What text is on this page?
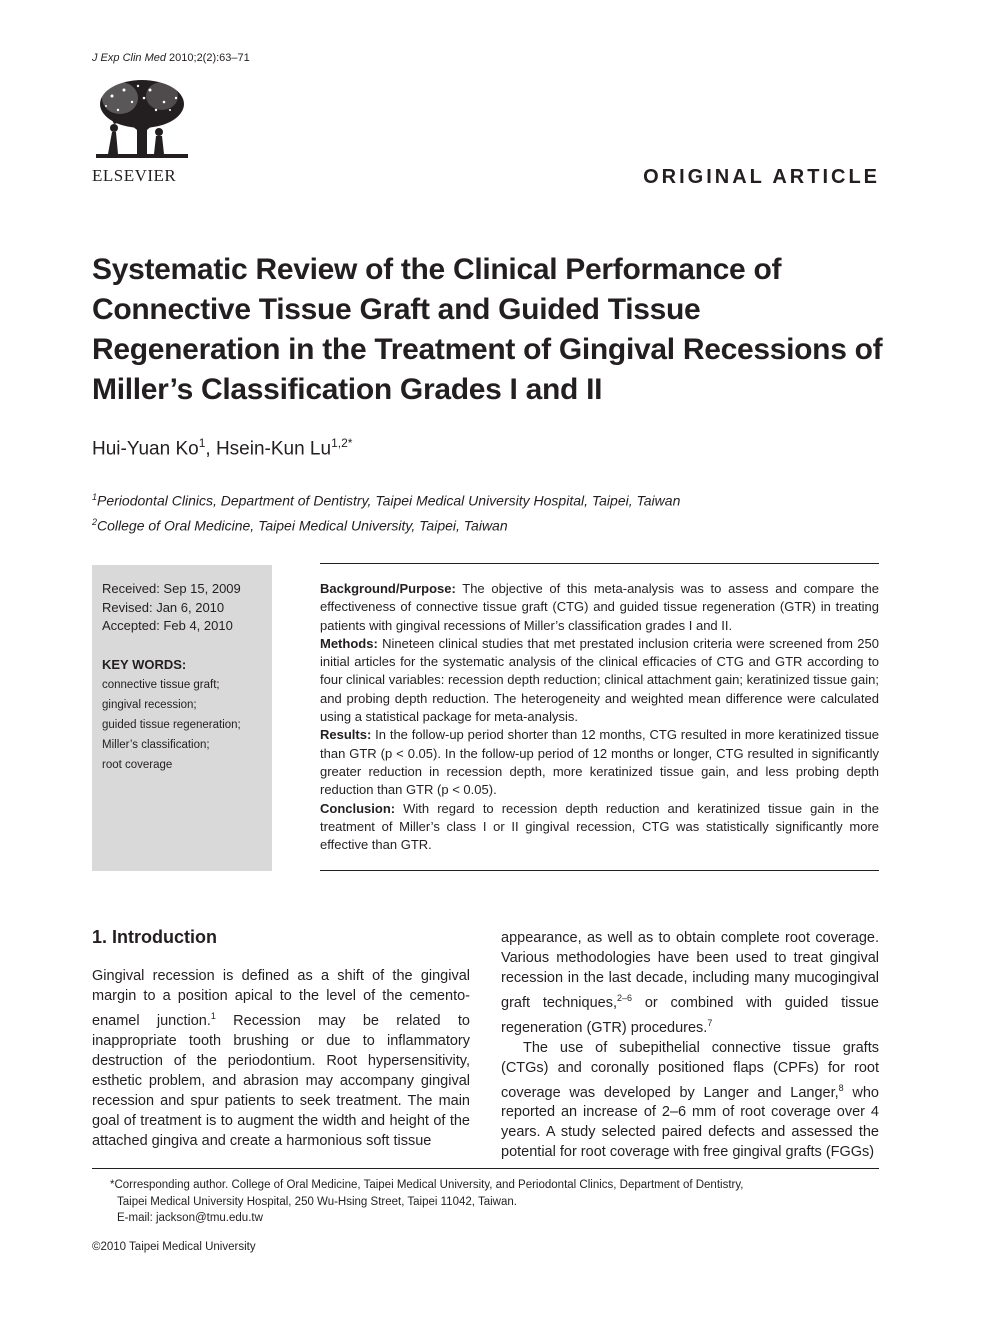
J Exp Clin Med 2010;2(2):63–71
ELSEVIER	ORIGINAL ARTICLE
Systematic Review of the Clinical Performance of Connective Tissue Graft and Guided Tissue Regeneration in the Treatment of Gingival Recessions of Miller’s Classification Grades I and II
Hui-Yuan Ko$^1$, Hsein-Kun $Lu^{1,2*}$
$^1$Periodontal Clinics, Department of Dentistry, Taipei Medical University Hospital, Taipei, Taiwan
$^2$College of Oral Medicine, Taipei Medical University, Taipei, Taiwan
Received: Sep 15, 2009
Revised: Jan 6, 2010
Accepted: Feb 4, 2010
KEY WORDS:
connective tissue graft;
gingival recession;
guided tissue regeneration;
Miller’s classification;
root coverage

Background/Purpose: The objective of this meta-analysis was to assess and compare the effectiveness of connective tissue graft (CTG) and guided tissue regeneration (GTR) in treating patients with gingival recessions of Miller’s classification grades I and II.

Methods: Nineteen clinical studies that met prestated inclusion criteria were screened from 250 initial articles for the systematic analysis of the clinical efficacies of CTG and GTR according to four clinical variables: recession depth reduction; clinical attachment gain; keratinized tissue gain; and probing depth reduction. The heterogeneity and weighted mean difference were calculated using a statistical package for meta-analysis.

Results: In the follow-up period shorter than 12 months, CTG resulted in more keratinized tissue than GTR (p < 0.05). In the follow-up period of 12 months or longer, CTG resulted in significantly greater reduction in recession depth, more keratinized tissue gain, and less probing depth reduction than GTR (p < 0.05).

Conclusion: With regard to recession depth reduction and keratinized tissue gain in the treatment of Miller’s class I or II gingival recession, CTG was statistically significantly more effective than GTR.

1. Introduction

Gingival recession is defined as a shift of the gingival margin to a position apical to the level of the cemento-enamel junction.$^1$ Recession may be related to inappropriate tooth brushing or due to inflammatory destruction of the periodontium. Root hypersensitivity, esthetic problem, and abrasion may accompany gingival recession and spur patients to seek treatment. The main goal of treatment is to augment the width and height of the attached gingiva and create a harmonious soft tissue

appearance, as well as to obtain complete root coverage. Various methodologies have been used to treat gingival recession in the last decade, including many mucogingival graft techniques,$^{2-6}$ or combined with guided tissue regeneration (GTR) procedures.$^7$

The use of subepithelial connective tissue grafts (CTGs) and coronally positioned flaps (CPFs) for root coverage was developed by Langer and Langer,$^8$ who reported an increase of 2–6 mm of root coverage over 4 years. A study selected paired defects and assessed the potential for root coverage with free gingival grafts (FGGs)

*Corresponding author. College of Oral Medicine, Taipei Medical University, and Periodontal Clinics, Department of Dentistry,
Taipei Medical University Hospital, 250 Wu-Hsing Street, Taipei 11042, Taiwan.
E-mail: jackson@tmu.edu.tw
©2010 Taipei Medical University
